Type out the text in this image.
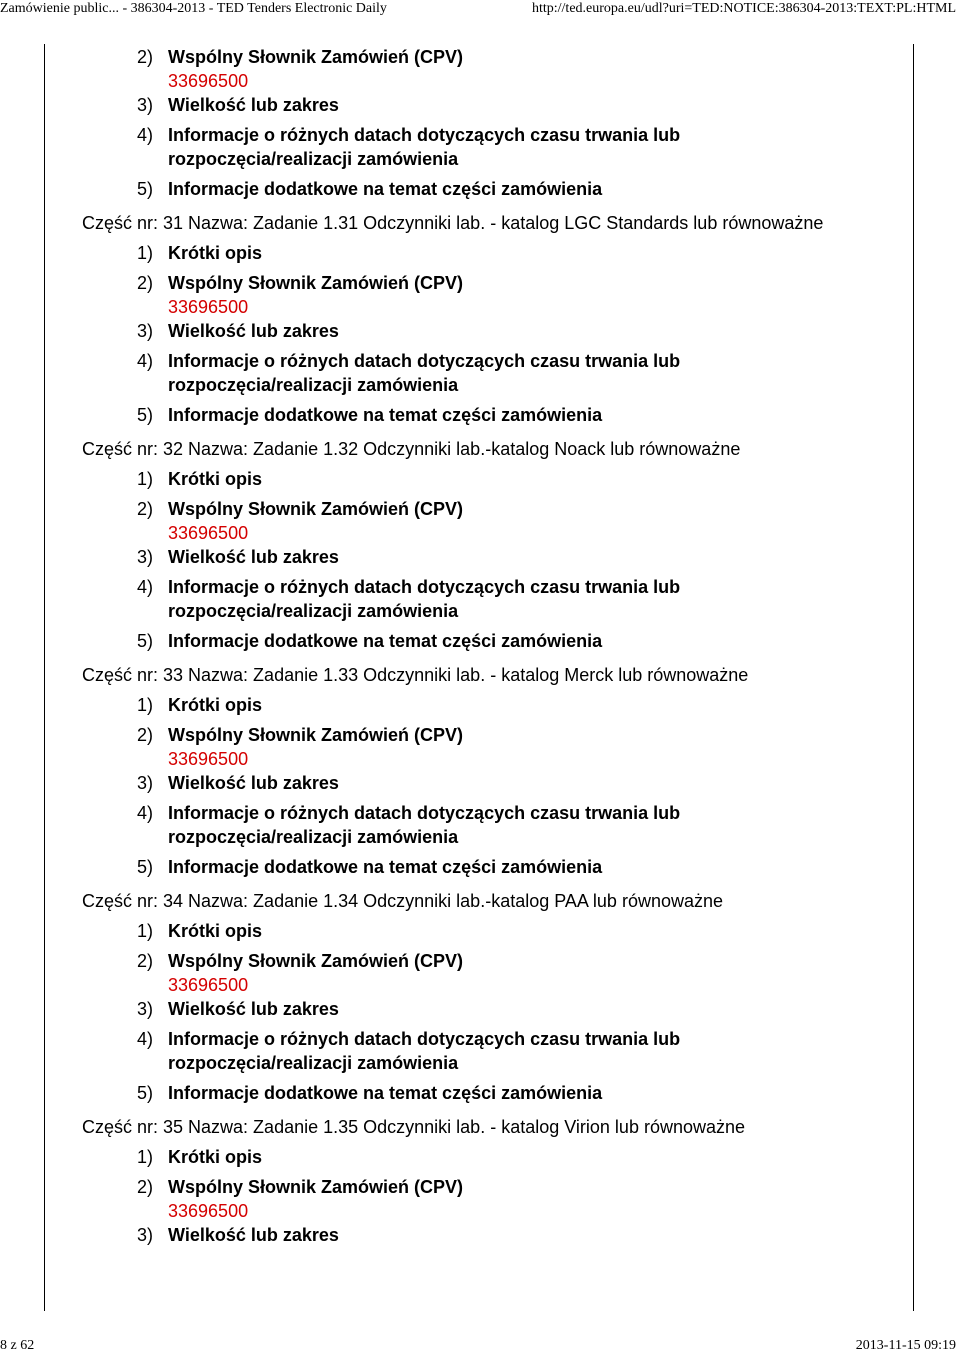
Zamówienie public... - 386304-2013 - TED Tenders Electronic Daily	http://ted.europa.eu/udl?uri=TED:NOTICE:386304-2013:TEXT:PL:HTML
2) Wspólny Słownik Zamówień (CPV)
33696500
3) Wielkość lub zakres
4) Informacje o różnych datach dotyczących czasu trwania lub
rozpoczęcia/realizacji zamówienia
5) Informacje dodatkowe na temat części zamówienia
Część nr: 31 Nazwa: Zadanie 1.31 Odczynniki lab. - katalog LGC Standards lub równoważne
1) Krótki opis
2) Wspólny Słownik Zamówień (CPV)
33696500
3) Wielkość lub zakres
4) Informacje o różnych datach dotyczących czasu trwania lub
rozpoczęcia/realizacji zamówienia
5) Informacje dodatkowe na temat części zamówienia
Część nr: 32 Nazwa: Zadanie 1.32 Odczynniki lab.-katalog Noack lub równoważne
1) Krótki opis
2) Wspólny Słownik Zamówień (CPV)
33696500
3) Wielkość lub zakres
4) Informacje o różnych datach dotyczących czasu trwania lub
rozpoczęcia/realizacji zamówienia
5) Informacje dodatkowe na temat części zamówienia
Część nr: 33 Nazwa: Zadanie 1.33 Odczynniki lab. - katalog Merck lub równoważne
1) Krótki opis
2) Wspólny Słownik Zamówień (CPV)
33696500
3) Wielkość lub zakres
4) Informacje o różnych datach dotyczących czasu trwania lub
rozpoczęcia/realizacji zamówienia
5) Informacje dodatkowe na temat części zamówienia
Część nr: 34 Nazwa: Zadanie 1.34 Odczynniki lab.-katalog PAA lub równoważne
1) Krótki opis
2) Wspólny Słownik Zamówień (CPV)
33696500
3) Wielkość lub zakres
4) Informacje o różnych datach dotyczących czasu trwania lub
rozpoczęcia/realizacji zamówienia
5) Informacje dodatkowe na temat części zamówienia
Część nr: 35 Nazwa: Zadanie 1.35 Odczynniki lab. - katalog Virion lub równoważne
1) Krótki opis
2) Wspólny Słownik Zamówień (CPV)
33696500
3) Wielkość lub zakres
8 z 62	2013-11-15 09:19
